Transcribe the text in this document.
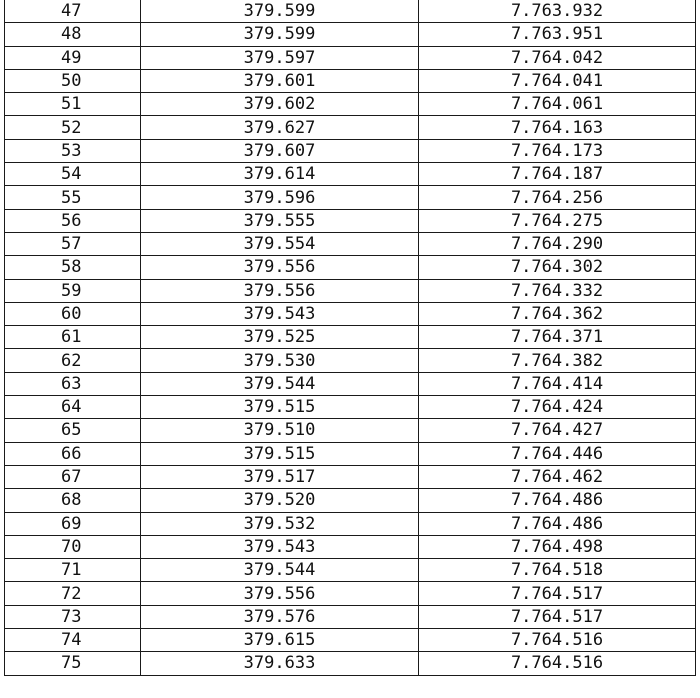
47	379.599	7.763.932
48	379.599	7.763.951
49	379.597	7.764.042
50	379.601	7.764.041
51	379.602	7.764.061
52	379.627	7.764.163
53	379.607	7.764.173
54	379.614	7.764.187
55	379.596	7.764.256
56	379.555	7.764.275
57	379.554	7.764.290
58	379.556	7.764.302
59	379.556	7.764.332
60	379.543	7.764.362
61	379.525	7.764.371
62	379.530	7.764.382
63	379.544	7.764.414
64	379.515	7.764.424
65	379.510	7.764.427
66	379.515	7.764.446
67	379.517	7.764.462
68	379.520	7.764.486
69	379.532	7.764.486
70	379.543	7.764.498
71	379.544	7.764.518
72	379.556	7.764.517
73	379.576	7.764.517
74	379.615	7.764.516
75	379.633	7.764.516
